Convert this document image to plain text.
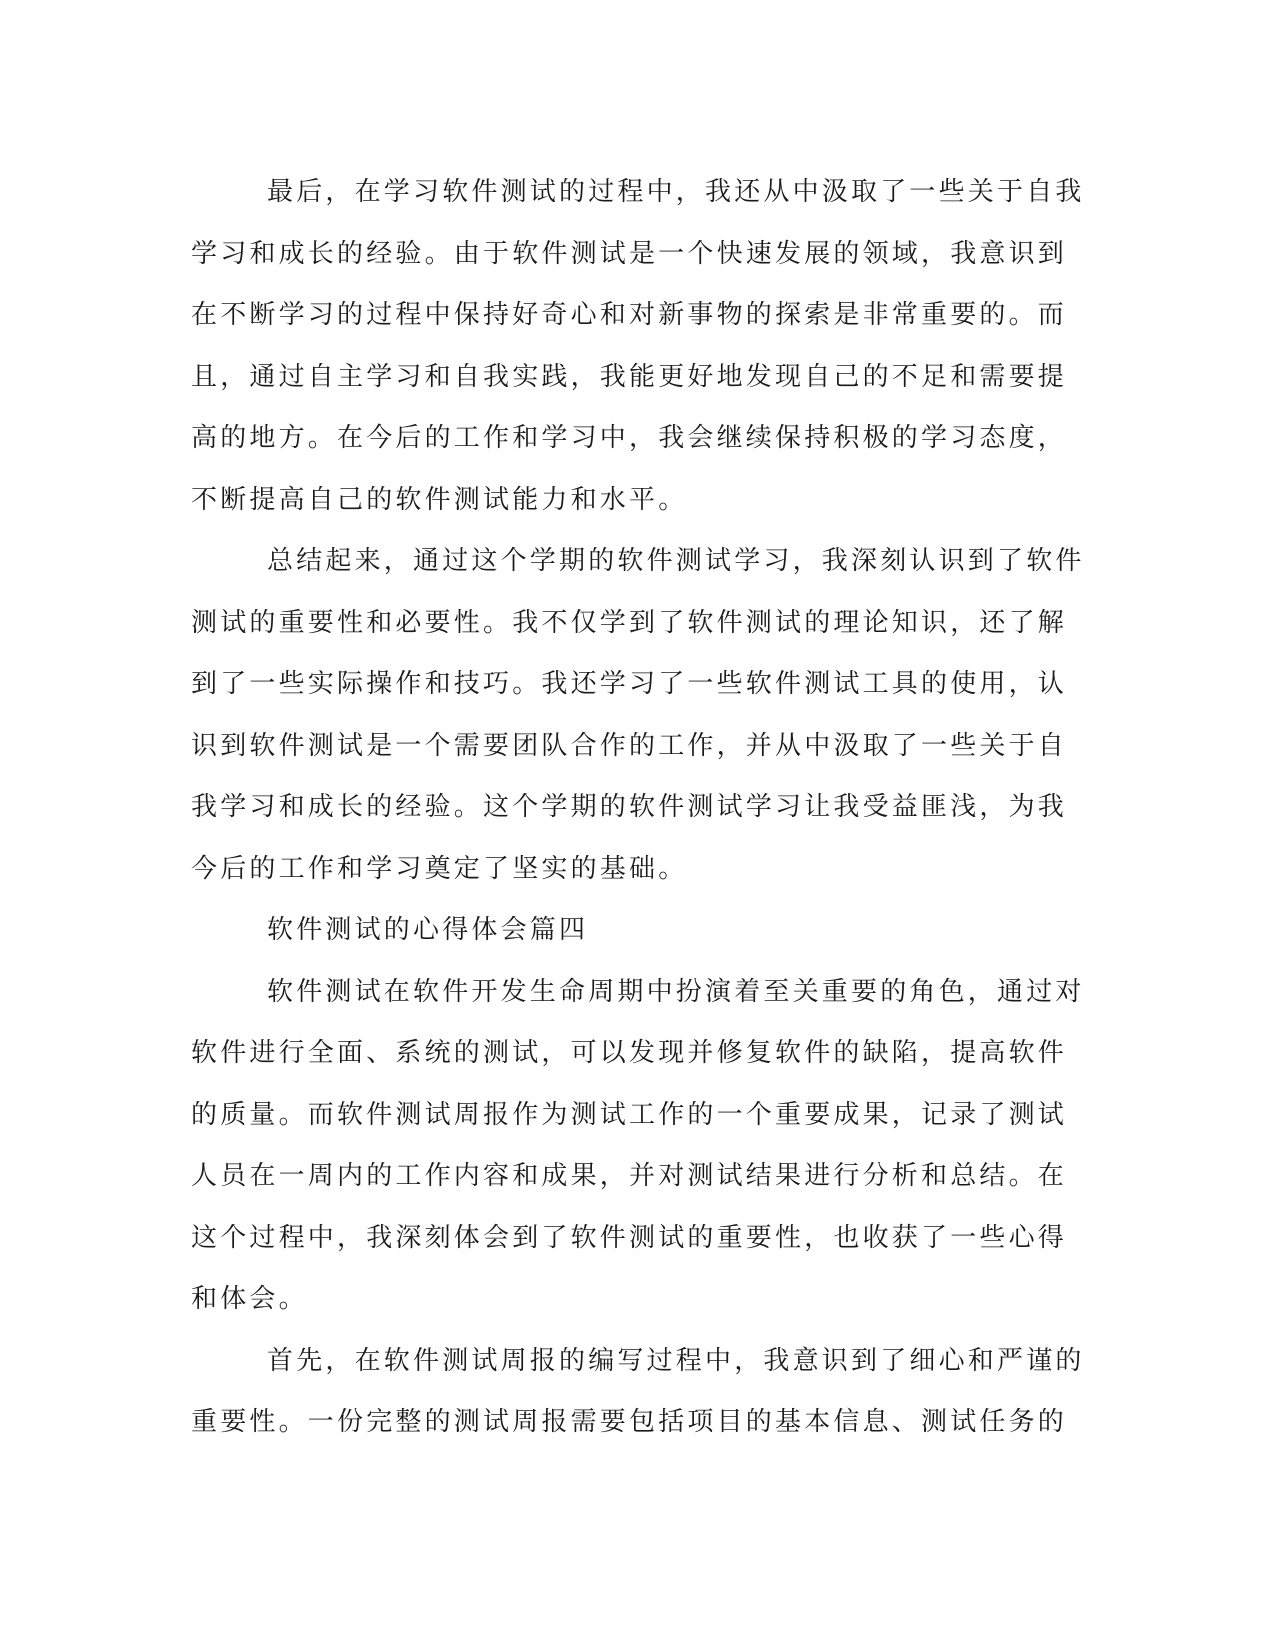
最后，在学习软件测试的过程中，我还从中汲取了一些关于自我
学习和成长的经验。由于软件测试是一个快速发展的领域，我意识到
在不断学习的过程中保持好奇心和对新事物的探索是非常重要的。而
且，通过自主学习和自我实践，我能更好地发现自己的不足和需要提
高的地方。在今后的工作和学习中，我会继续保持积极的学习态度，
不断提高自己的软件测试能力和水平。
总结起来，通过这个学期的软件测试学习，我深刻认识到了软件
测试的重要性和必要性。我不仅学到了软件测试的理论知识，还了解
到了一些实际操作和技巧。我还学习了一些软件测试工具的使用，认
识到软件测试是一个需要团队合作的工作，并从中汲取了一些关于自
我学习和成长的经验。这个学期的软件测试学习让我受益匪浅，为我
今后的工作和学习奠定了坚实的基础。
软件测试的心得体会篇四
软件测试在软件开发生命周期中扮演着至关重要的角色，通过对
软件进行全面、系统的测试，可以发现并修复软件的缺陷，提高软件
的质量。而软件测试周报作为测试工作的一个重要成果，记录了测试
人员在一周内的工作内容和成果，并对测试结果进行分析和总结。在
这个过程中，我深刻体会到了软件测试的重要性，也收获了一些心得
和体会。
首先，在软件测试周报的编写过程中，我意识到了细心和严谨的
重要性。一份完整的测试周报需要包括项目的基本信息、测试任务的
